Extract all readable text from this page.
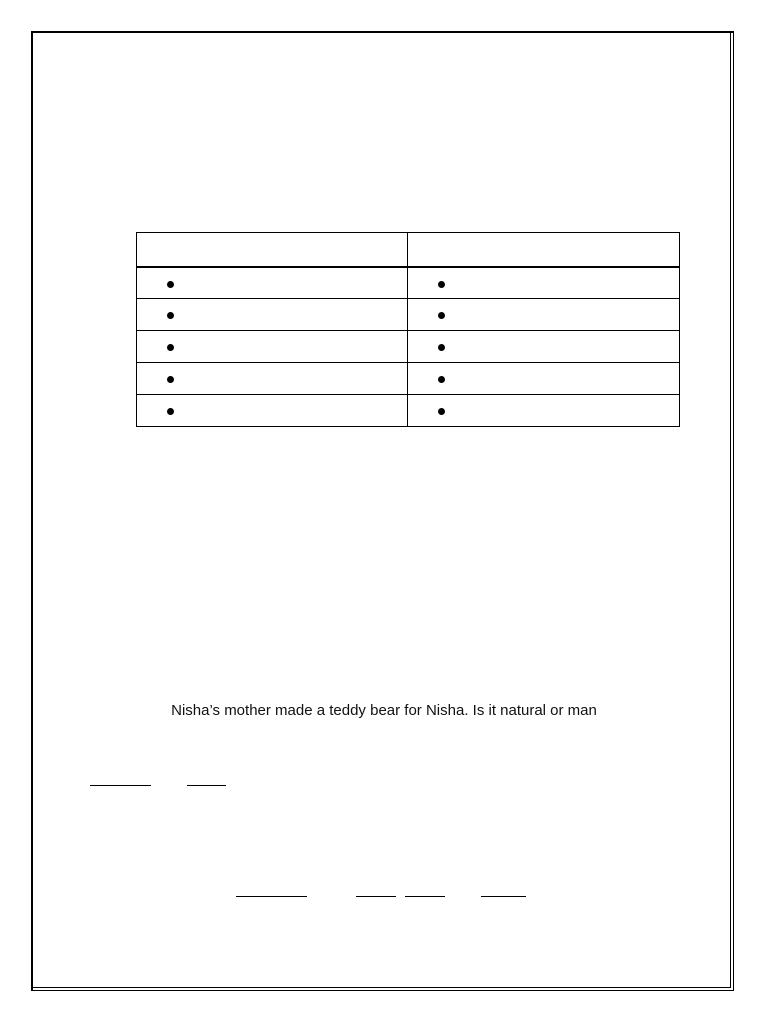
Nisha’s mother made a teddy bear for Nisha. Is it natural or man
